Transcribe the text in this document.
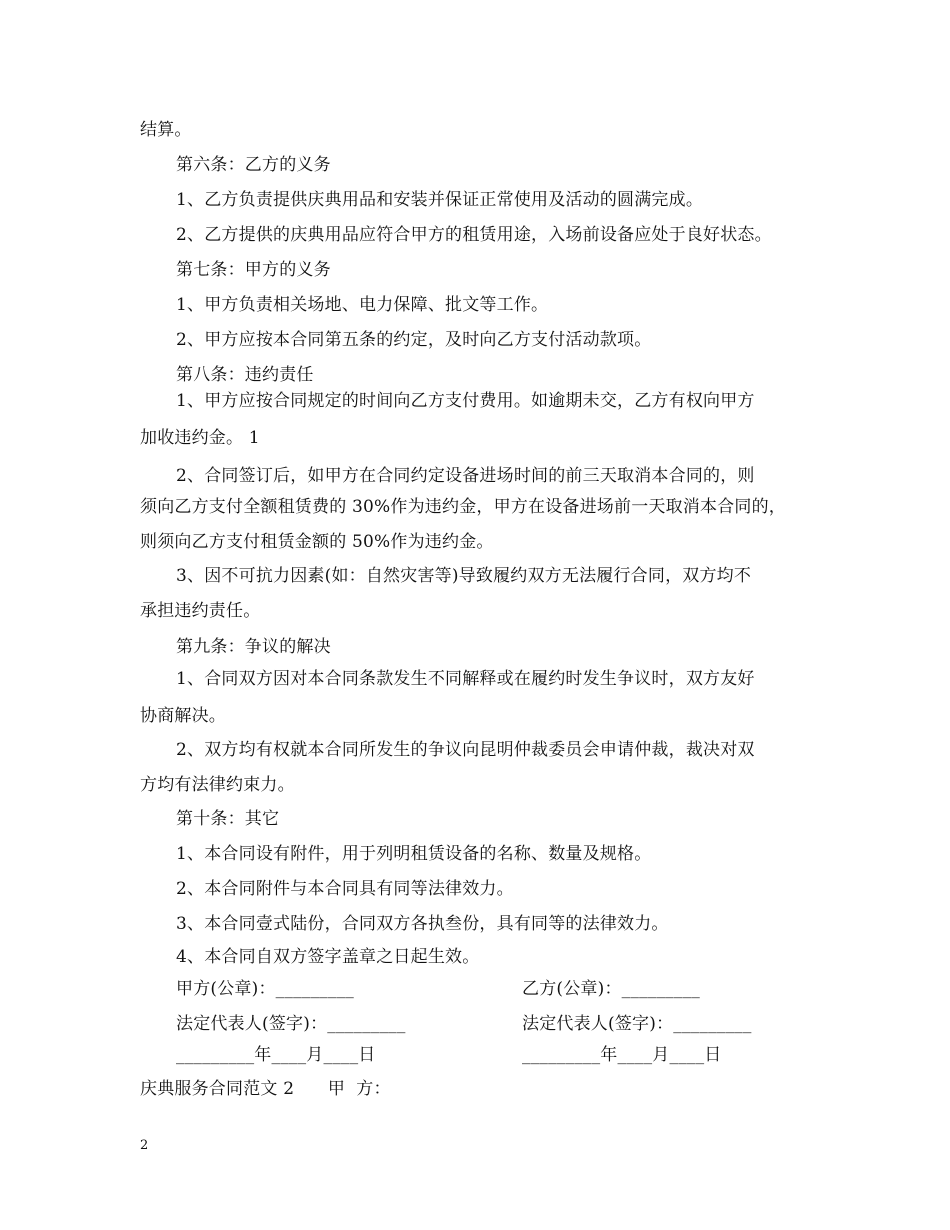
结算。
第六条：乙方的义务
1、乙方负责提供庆典用品和安装并保证正常使用及活动的圆满完成。
2、乙方提供的庆典用品应符合甲方的租赁用途，入场前设备应处于良好状态。
第七条：甲方的义务
1、甲方负责相关场地、电力保障、批文等工作。
2、甲方应按本合同第五条的约定，及时向乙方支付活动款项。
第八条：违约责任
1、甲方应按合同规定的时间向乙方支付费用。如逾期未交，乙方有权向甲方
加收违约金。 1
2、合同签订后，如甲方在合同约定设备进场时间的前三天取消本合同的，则
须向乙方支付全额租赁费的 30%作为违约金，甲方在设备进场前一天取消本合同的，
则须向乙方支付租赁金额的 50%作为违约金。
3、因不可抗力因素(如：自然灾害等)导致履约双方无法履行合同，双方均不
承担违约责任。
第九条：争议的解决
1、合同双方因对本合同条款发生不同解释或在履约时发生争议时，双方友好
协商解决。
2、双方均有权就本合同所发生的争议向昆明仲裁委员会申请仲裁，裁决对双
方均有法律约束力。
第十条：其它
1、本合同设有附件，用于列明租赁设备的名称、数量及规格。
2、本合同附件与本合同具有同等法律效力。
3、本合同壹式陆份，合同双方各执叁份，具有同等的法律效力。
4、本合同自双方签字盖章之日起生效。
甲方(公章)：_________	乙方(公章)：_________
法定代表人(签字)：_________	法定代表人(签字)：_________
_________年____月____日	_________年____月____日
庆典服务合同范文 2      甲  方：
2
